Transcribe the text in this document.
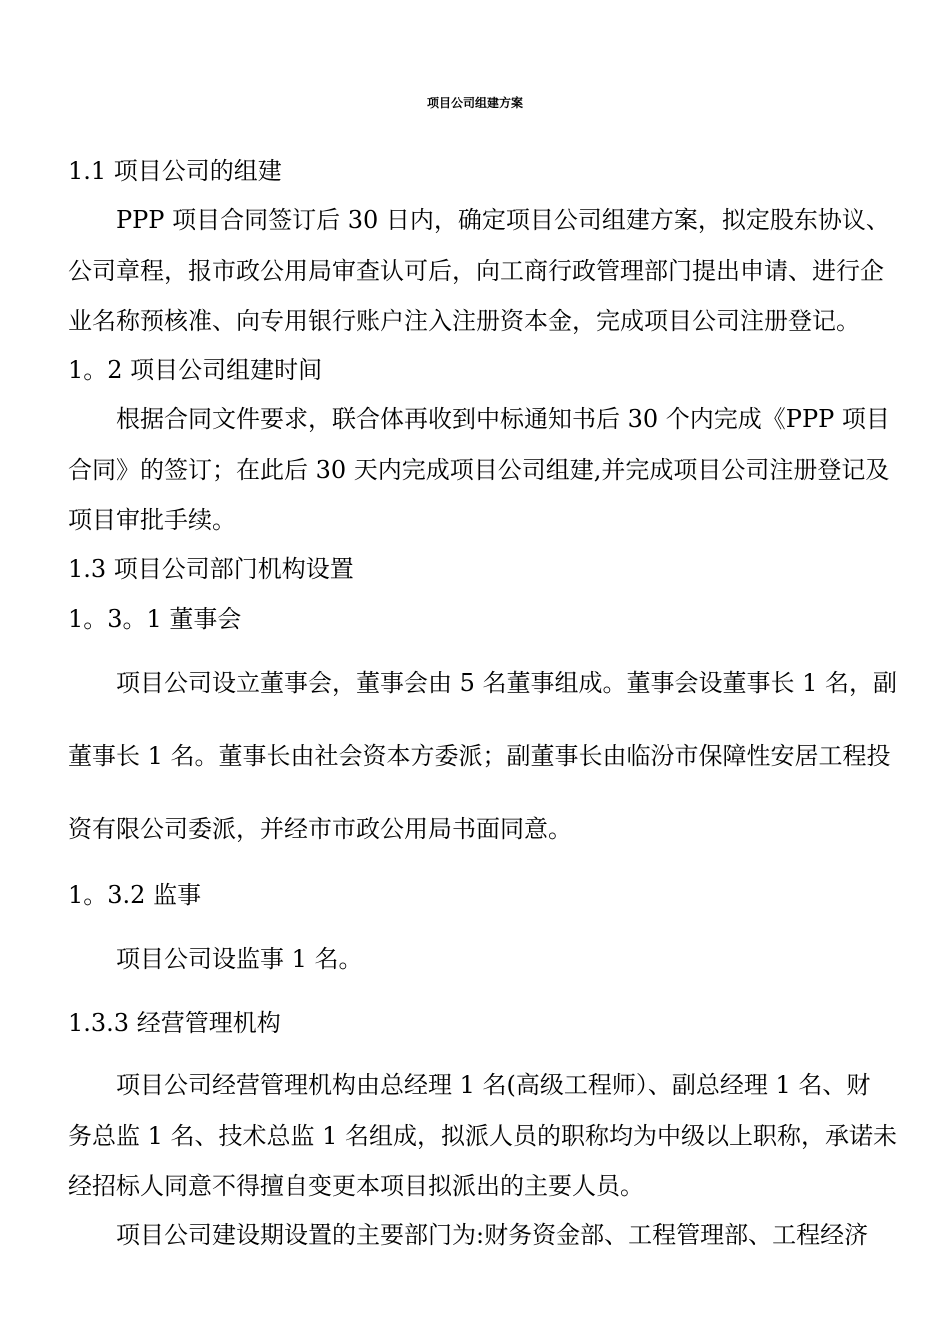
项目公司组建方案
1.1 项目公司的组建
PPP 项目合同签订后 30 日内，确定项目公司组建方案，拟定股东协议、
公司章程，报市政公用局审查认可后，向工商行政管理部门提出申请、进行企
业名称预核准、向专用银行账户注入注册资本金，完成项目公司注册登记。
1。2 项目公司组建时间
根据合同文件要求，联合体再收到中标通知书后 30 个内完成《PPP 项目
合同》的签订；在此后 30 天内完成项目公司组建,并完成项目公司注册登记及
项目审批手续。
1.3 项目公司部门机构设置
1。3。1 董事会
项目公司设立董事会，董事会由 5 名董事组成。董事会设董事长 1 名，副
董事长 1 名。董事长由社会资本方委派；副董事长由临汾市保障性安居工程投
资有限公司委派，并经市市政公用局书面同意。
1。3.2 监事
项目公司设监事 1 名。
1.3.3 经营管理机构
项目公司经营管理机构由总经理 1 名(高级工程师）、副总经理 1 名、财
务总监 1 名、技术总监 1 名组成，拟派人员的职称均为中级以上职称，承诺未
经招标人同意不得擅自变更本项目拟派出的主要人员。
项目公司建设期设置的主要部门为:财务资金部、工程管理部、工程经济
